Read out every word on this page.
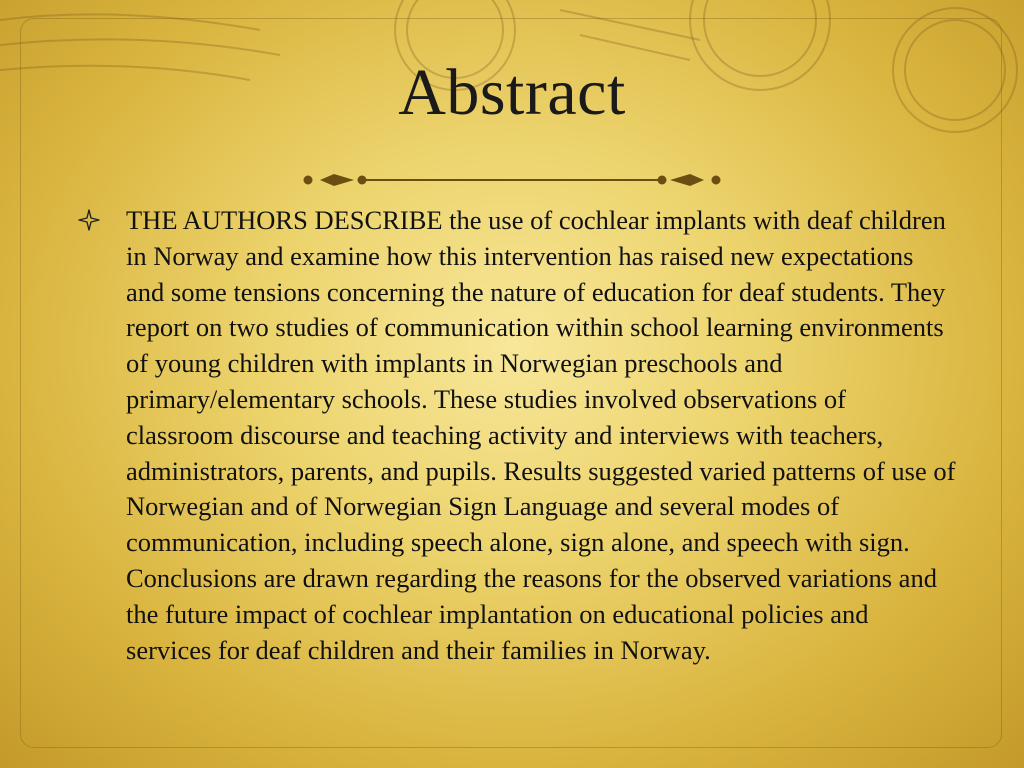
Abstract

THE AUTHORS DESCRIBE the use of cochlear implants with deaf children in Norway and examine how this intervention has raised new expectations and some tensions concerning the nature of education for deaf students. They report on two studies of communication within school learning environments of young children with implants in Norwegian preschools and primary/elementary schools. These studies involved observations of classroom discourse and teaching activity and interviews with teachers, administrators, parents, and pupils. Results suggested varied patterns of use of Norwegian and of Norwegian Sign Language and several modes of communication, including speech alone, sign alone, and speech with sign. Conclusions are drawn regarding the reasons for the observed variations and the future impact of cochlear implantation on educational policies and services for deaf children and their families in Norway.
